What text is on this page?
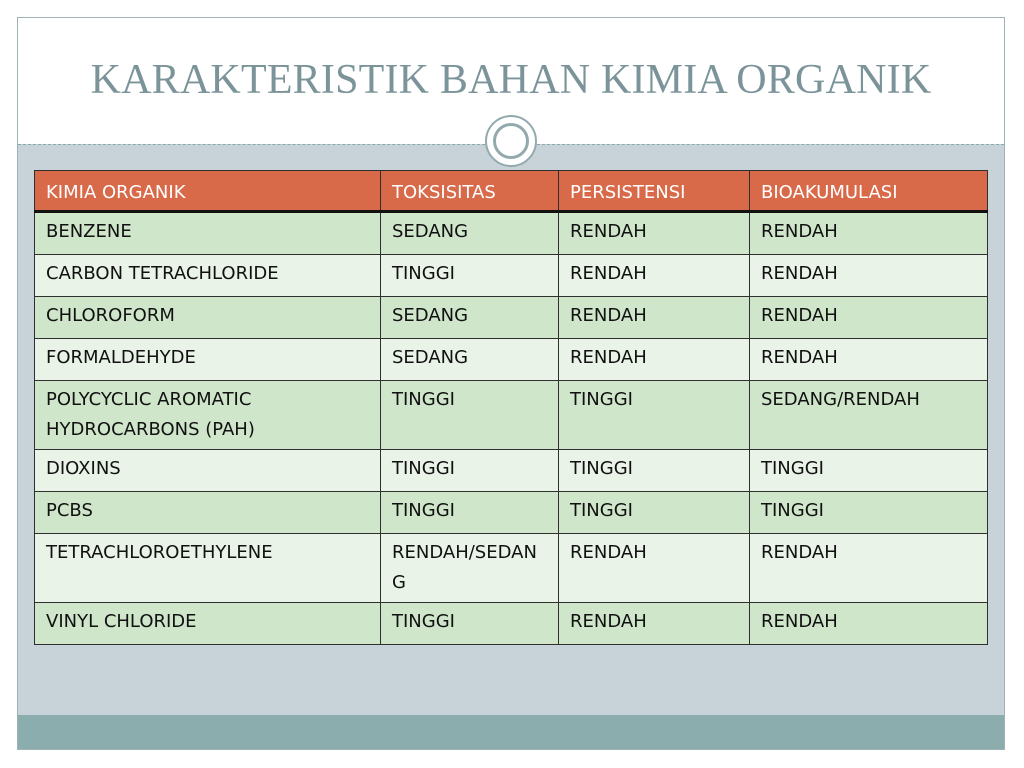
KARAKTERISTIK BAHAN KIMIA ORGANIK
KIMIA ORGANIK	TOKSISITAS	PERSISTENSI	BIOAKUMULASI
BENZENE	SEDANG	RENDAH	RENDAH
CARBON TETRACHLORIDE	TINGGI	RENDAH	RENDAH
CHLOROFORM	SEDANG	RENDAH	RENDAH
FORMALDEHYDE	SEDANG	RENDAH	RENDAH
POLYCYCLIC AROMATIC HYDROCARBONS (PAH)	TINGGI	TINGGI	SEDANG/RENDAH
DIOXINS	TINGGI	TINGGI	TINGGI
PCBS	TINGGI	TINGGI	TINGGI
TETRACHLOROETHYLENE	RENDAH/SEDANG	RENDAH	RENDAH
VINYL CHLORIDE	TINGGI	RENDAH	RENDAH
